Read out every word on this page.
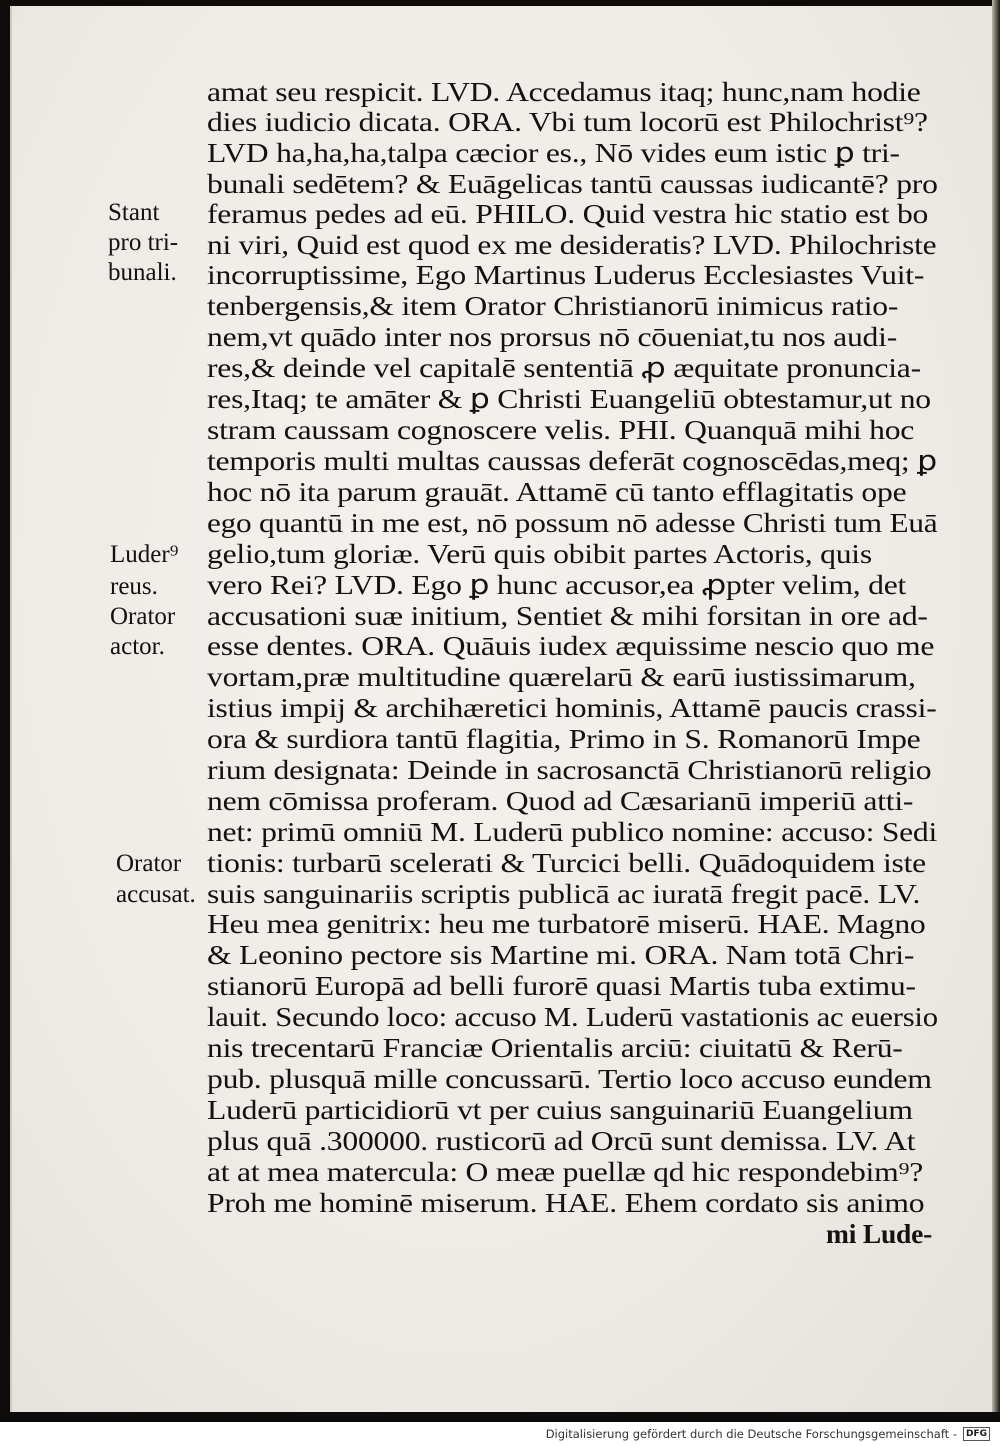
Stant
pro tri-
bunali.
Luder⁹
reus.
Orator
actor.
Orator
accusat.
amat seu respicit. LVD. Accedamus itaq; hunc,nam hodie
dies iudicio dicata. ORA. Vbi tum locorū est Philochrist⁹?
LVD ha,ha,ha,talpa cæcior es., Nō vides eum istic ꝑ tri-
bunali sedētem? & Euāgelicas tantū caussas iudicantē? pro
feramus pedes ad eū. PHILO. Quid vestra hic statio est bo
ni viri, Quid est quod ex me desideratis? LVD. Philochriste
incorruptissime, Ego Martinus Luderus Ecclesiastes Vuit-
tenbergensis,& item Orator Christianorū inimicus ratio-
nem,vt quādo inter nos prorsus nō cōueniat,tu nos audi-
res,& deinde vel capitalē sententiā ꝓ æquitate pronuncia-
res,Itaq; te amāter & ꝑ Christi Euangeliū obtestamur,ut no
stram caussam cognoscere velis. PHI. Quanquā mihi hoc
temporis multi multas caussas deferāt cognoscēdas,meq; ꝑ
hoc nō ita parum grauāt. Attamē cū tanto efflagitatis ope
ego quantū in me est, nō possum nō adesse Christi tum Euā
gelio,tum gloriæ. Verū quis obibit partes Actoris, quis
vero Rei? LVD. Ego ꝑ hunc accusor,ea ꝓpter velim, det
accusationi suæ initium, Sentiet & mihi forsitan in ore ad-
esse dentes. ORA. Quāuis iudex æquissime nescio quo me
vortam,præ multitudine quærelarū & earū iustissimarum,
istius impij & archihæretici hominis, Attamē paucis crassi-
ora & surdiora tantū flagitia, Primo in S. Romanorū Impe
rium designata: Deinde in sacrosanctā Christianorū religio
nem cōmissa proferam. Quod ad Cæsarianū imperiū atti-
net: primū omniū M. Luderū publico nomine: accuso: Sedi
tionis: turbarū scelerati & Turcici belli. Quādoquidem iste
suis sanguinariis scriptis publicā ac iuratā fregit pacē. LV.
Heu mea genitrix: heu me turbatorē miserū. HAE. Magno
& Leonino pectore sis Martine mi. ORA. Nam totā Chri-
stianorū Europā ad belli furorē quasi Martis tuba extimu-
lauit. Secundo loco: accuso M. Luderū vastationis ac euersio
nis trecentarū Franciæ Orientalis arciū: ciuitatū & Rerū-
pub. plusquā mille concussarū. Tertio loco accuso eundem
Luderū particidiorū vt per cuius sanguinariū Euangelium
plus quā .300000. rusticorū ad Orcū sunt demissa. LV. At
at at mea matercula: O meæ puellæ qd hic respondebim⁹?
Proh me hominē miserum. HAE. Ehem cordato sis animo
mi Lude-
Digitalisierung gefördert durch die Deutsche Forschungsgemeinschaft -	DFG
